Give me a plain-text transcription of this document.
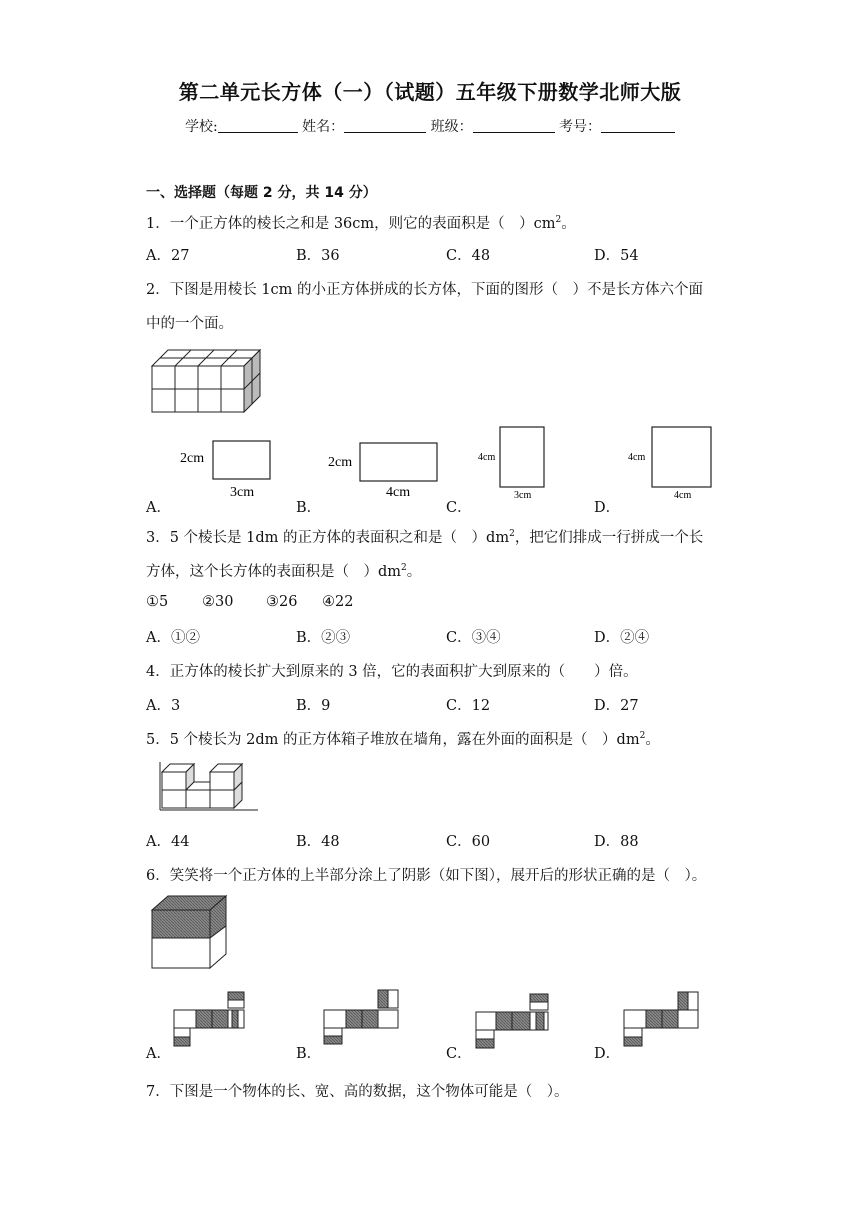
第二单元长方体（一）（试题）五年级下册数学北师大版
学校:	姓名：	班级：	考号：
一、选择题（每题 2 分，共 14 分）
1．一个正方体的棱长之和是 36cm，则它的表面积是（　）$cm^2$。
A．27	B．36	C．48	D．54
2．下图是用棱长 1cm 的小正方体拼成的长方体，下面的图形（　）不是长方体六个面
中的一个面。
2cm
3cm
2cm
4cm
4cm
3cm
4cm
4cm
A．	B．	C．	D．
3．5 个棱长是 1dm 的正方体的表面积之和是（　）$dm^2$，把它们排成一行拼成一个长
方体，这个长方体的表面积是（　）$dm^2$。
①5 ②30 ③26 ④22
A．①②	B．②③	C．③④	D．②④
4．正方体的棱长扩大到原来的 3 倍，它的表面积扩大到原来的（　　）倍。
A．3	B．9	C．12	D．27
5．5 个棱长为 2dm 的正方体箱子堆放在墙角，露在外面的面积是（　）$dm^2$。
A．44	B．48	C．60	D．88
6．笑笑将一个正方体的上半部分涂上了阴影（如下图），展开后的形状正确的是（　）。
A．	B．	C．	D．
7．下图是一个物体的长、宽、高的数据，这个物体可能是（　）。
